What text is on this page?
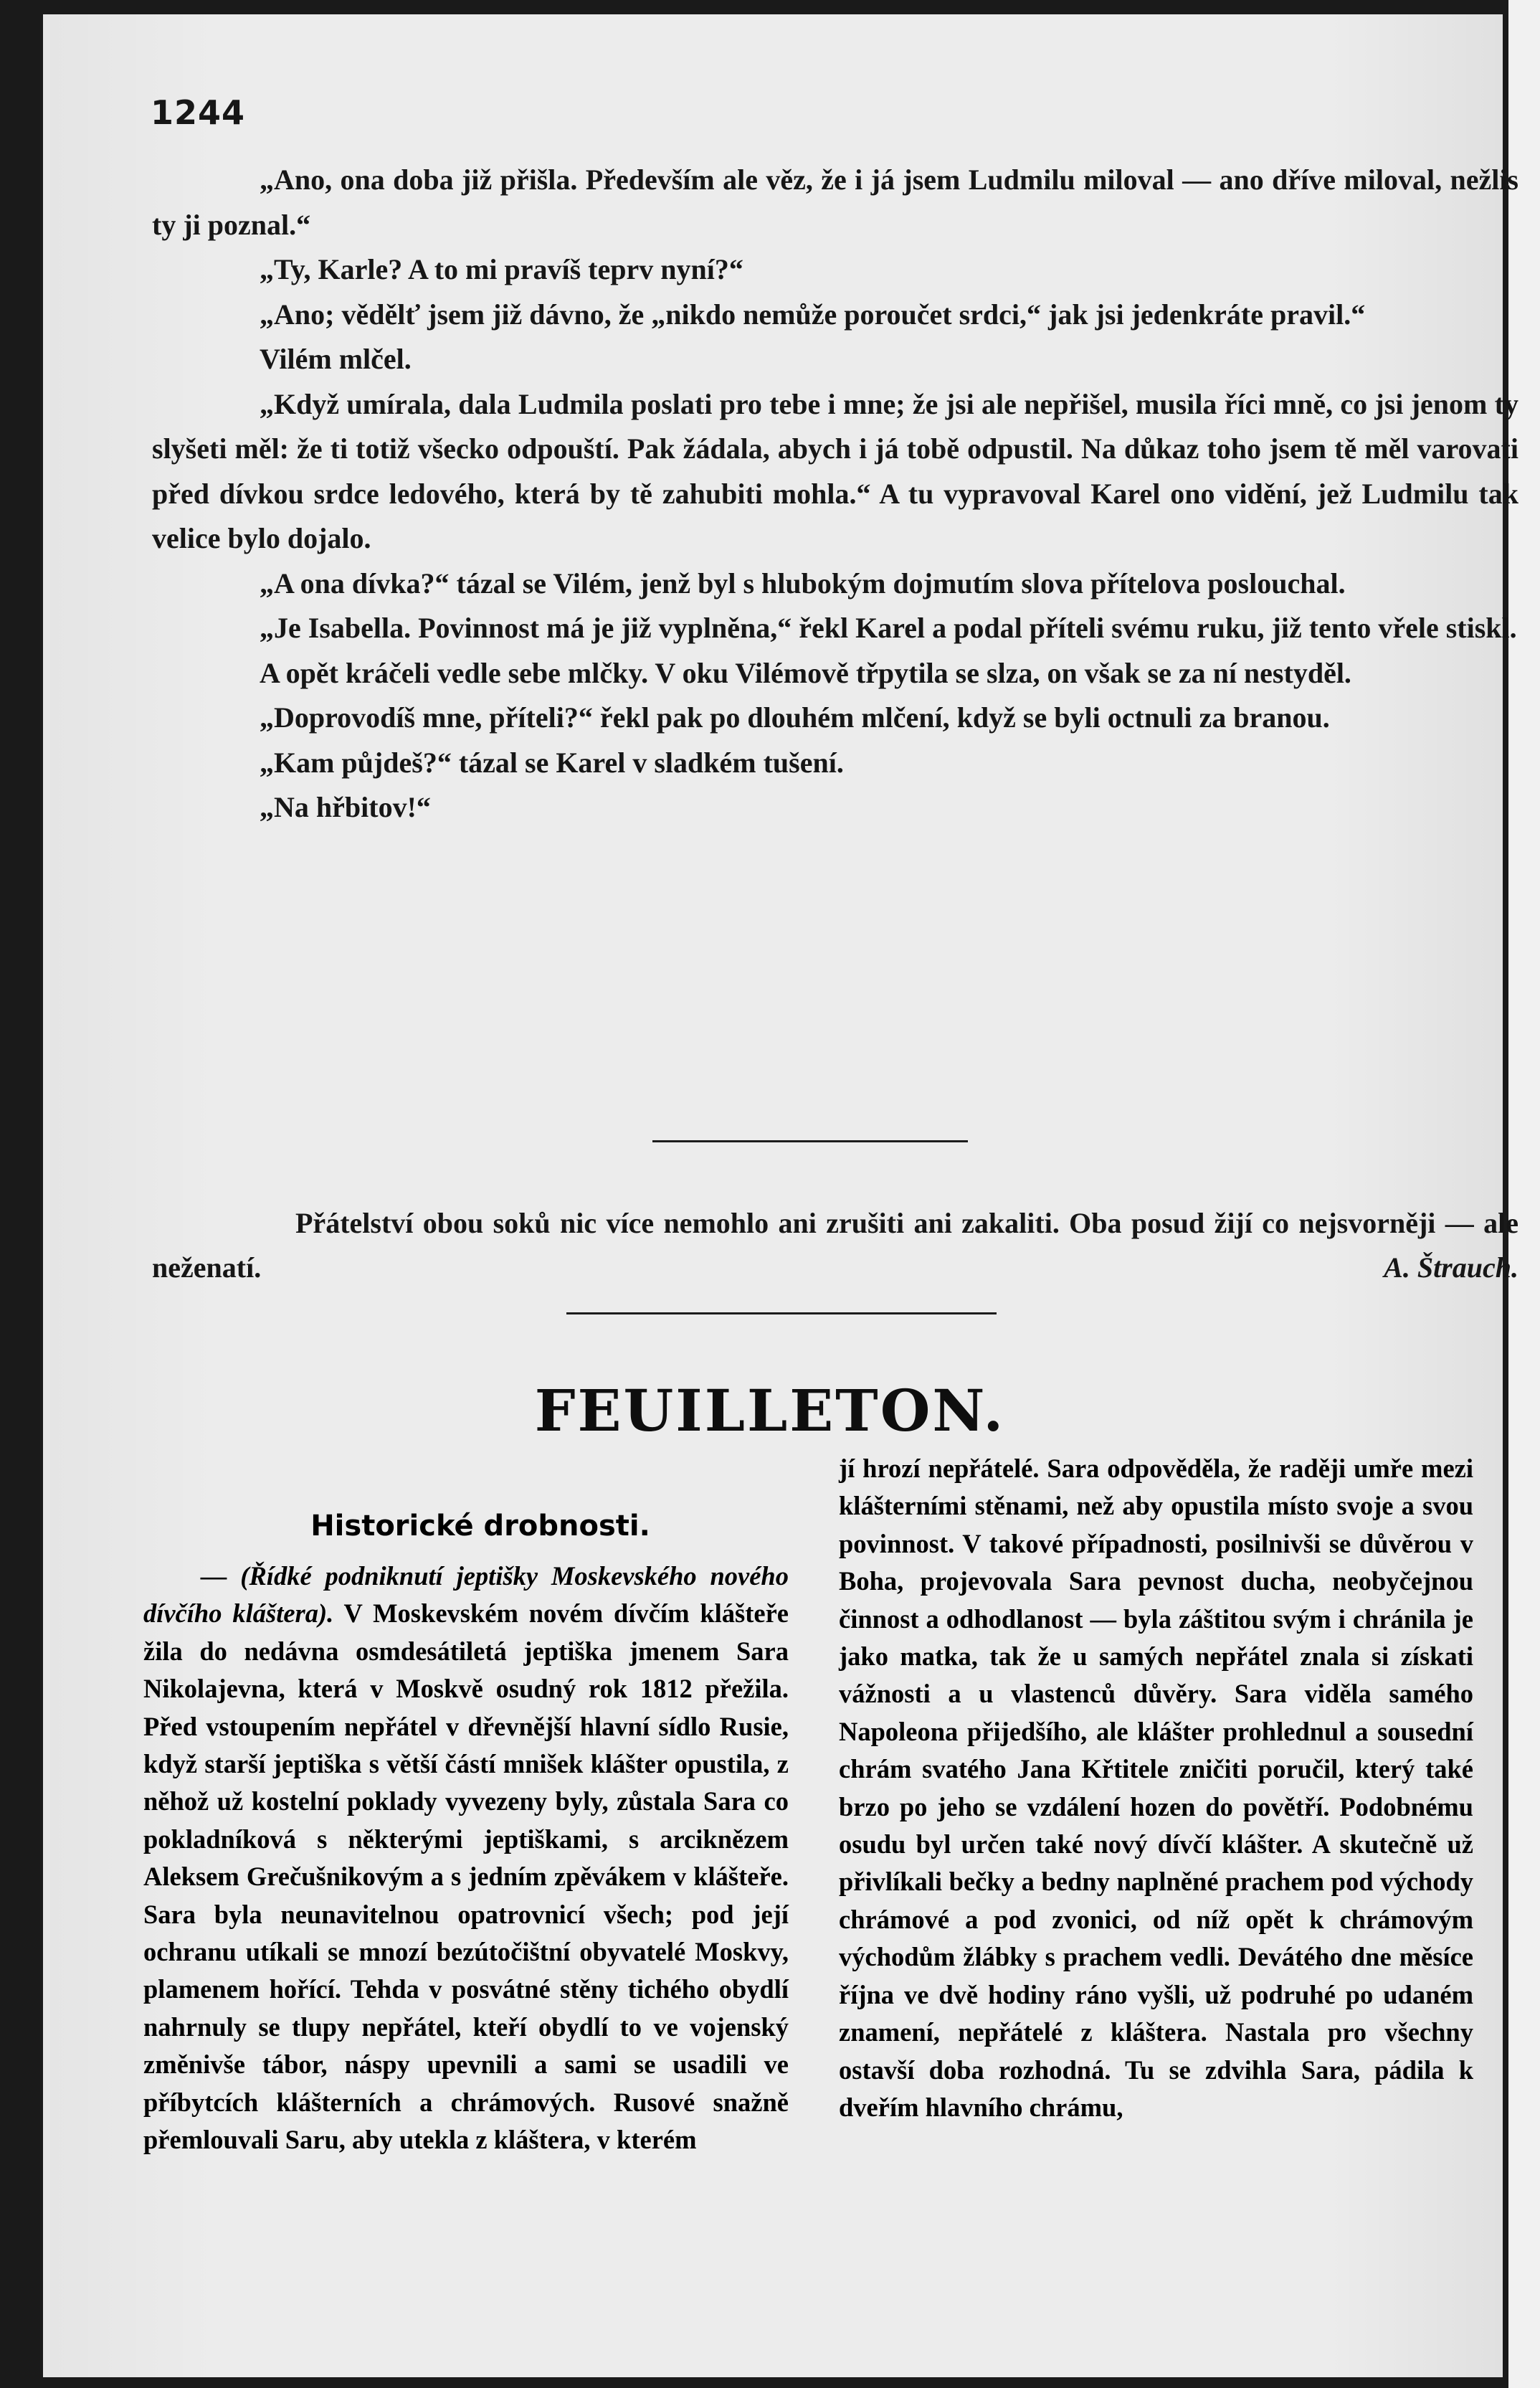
1244

„Ano, ona doba již přišla. Především ale věz, že i já jsem Ludmilu miloval — ano dříve miloval, nežlis ty ji poznal.“

„Ty, Karle? A to mi pravíš teprv nyní?“

„Ano; vědělť jsem již dávno, že „nikdo nemůže poroučet srdci,“ jak jsi jedenkráte pravil.“

Vilém mlčel.

„Když umírala, dala Ludmila poslati pro tebe i mne; že jsi ale nepřišel, musila říci mně, co jsi jenom ty slyšeti měl: že ti totiž všecko odpouští. Pak žádala, abych i já tobě odpustil. Na důkaz toho jsem tě měl varovati před dívkou srdce ledového, která by tě zahubiti mohla.“ A tu vypravoval Karel ono vidění, jež Ludmilu tak velice bylo dojalo.

„A ona dívka?“ tázal se Vilém, jenž byl s hlubokým dojmutím slova přítelova poslouchal.

„Je Isabella. Povinnost má je již vyplněna,“ řekl Karel a podal příteli svému ruku, již tento vřele stiskl.

A opět kráčeli vedle sebe mlčky. V oku Vilémově třpytila se slza, on však se za ní nestyděl.

„Doprovodíš mne, příteli?“ řekl pak po dlouhém mlčení, když se byli octnuli za branou.

„Kam půjdeš?“ tázal se Karel v sladkém tušení.

„Na hřbitov!“

Přátelství obou soků nic více nemohlo ani zrušiti ani zakaliti. Oba posud žijí co nejsvorněji — ale neženatí.	A. Štrauch.
FEUILLETON.

Historické drobnosti.

— (Řídké podniknutí jeptišky Moskevského nového dívčího kláštera). V Moskevském novém dívčím klášteře žila do nedávna osmdesátiletá jeptiška jmenem Sara Nikolajevna, která v Moskvě osudný rok 1812 přežila. Před vstoupením nepřátel v dřevnější hlavní sídlo Rusie, když starší jeptiška s větší částí mnišek klášter opustila, z něhož už kostelní poklady vyvezeny byly, zůstala Sara co pokladníková s některými jeptiškami, s arciknězem Aleksem Grečušnikovým a s jedním zpěvákem v klášteře. Sara byla neunavitelnou opatrovnicí všech; pod její ochranu utíkali se mnozí bezútočištní obyvatelé Moskvy, plamenem hořící. Tehda v posvátné stěny tichého obydlí nahrnuly se tlupy nepřátel, kteří obydlí to ve vojenský změnivše tábor, náspy upevnili a sami se usadili ve příbytcích klášterních a chrámových. Rusové snažně přemlouvali Saru, aby utekla z kláštera, v kterém

jí hrozí nepřátelé. Sara odpověděla, že raději umře mezi klášterními stěnami, než aby opustila místo svoje a svou povinnost. V takové případnosti, posilnivši se důvěrou v Boha, projevovala Sara pevnost ducha, neobyčejnou činnost a odhodlanost — byla záštitou svým i chránila je jako matka, tak že u samých nepřátel znala si získati vážnosti a u vlastenců důvěry. Sara viděla samého Napoleona přijedšího, ale klášter prohlednul a sousední chrám svatého Jana Křtitele zničiti poručil, který také brzo po jeho se vzdálení hozen do povětří. Podobnému osudu byl určen také nový dívčí klášter. A skutečně už přivlíkali bečky a bedny naplněné prachem pod východy chrámové a pod zvonici, od níž opět k chrámovým východům žlábky s prachem vedli. Devátého dne měsíce října ve dvě hodiny ráno vyšli, už podruhé po udaném znamení, nepřátelé z kláštera. Nastala pro všechny ostavší doba rozhodná. Tu se zdvihla Sara, pádila k dveřím hlavního chrámu,
